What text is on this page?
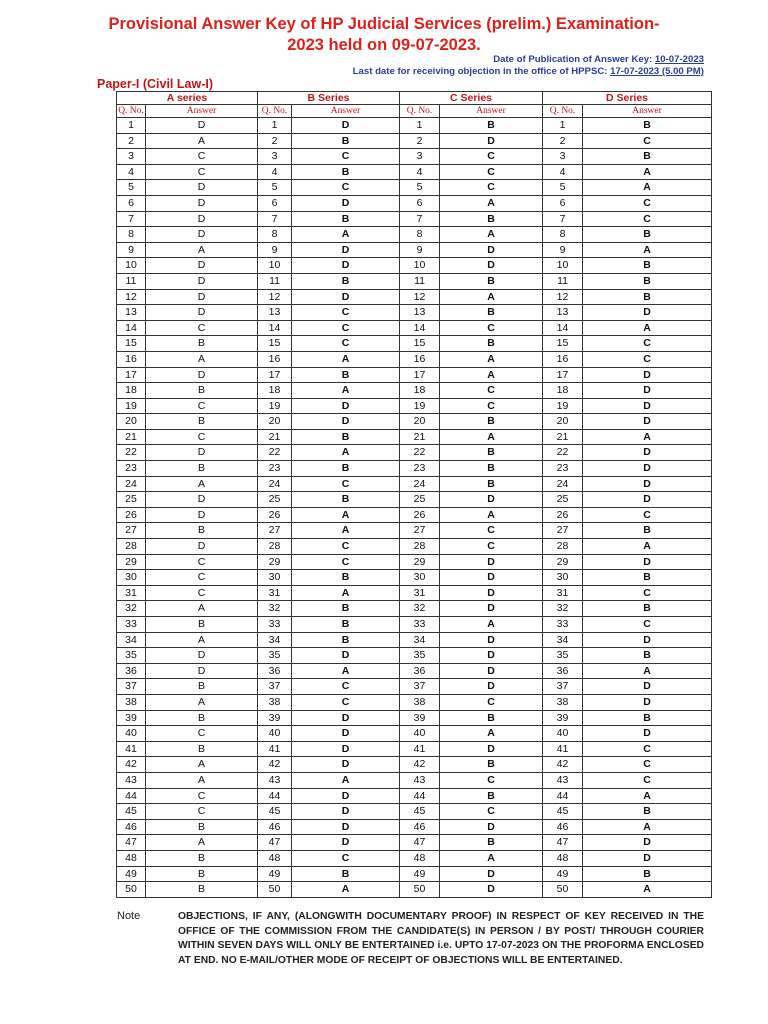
Provisional Answer Key of HP Judicial Services (prelim.) Examination-
2023 held on 09-07-2023.
Date of Publication of Answer Key: 10-07-2023
Last date for receiving objection in the office of HPPSC: 17-07-2023 (5.00 PM)
Paper-I (Civil Law-I)
A series		B Series		C Series		D Series	
Q. No.	Answer	Q. No.	Answer	Q. No.	Answer	Q. No.	Answer
1	D	1	D	1	B	1	B
2	A	2	B	2	D	2	C
3	C	3	C	3	C	3	B
4	C	4	B	4	C	4	A
5	D	5	C	5	C	5	A
6	D	6	D	6	A	6	C
7	D	7	B	7	B	7	C
8	D	8	A	8	A	8	B
9	A	9	D	9	D	9	A
10	D	10	D	10	D	10	B
11	D	11	B	11	B	11	B
12	D	12	D	12	A	12	B
13	D	13	C	13	B	13	D
14	C	14	C	14	C	14	A
15	B	15	C	15	B	15	C
16	A	16	A	16	A	16	C
17	D	17	B	17	A	17	D
18	B	18	A	18	C	18	D
19	C	19	D	19	C	19	D
20	B	20	D	20	B	20	D
21	C	21	B	21	A	21	A
22	D	22	A	22	B	22	D
23	B	23	B	23	B	23	D
24	A	24	C	24	B	24	D
25	D	25	B	25	D	25	D
26	D	26	A	26	A	26	C
27	B	27	A	27	C	27	B
28	D	28	C	28	C	28	A
29	C	29	C	29	D	29	D
30	C	30	B	30	D	30	B
31	C	31	A	31	D	31	C
32	A	32	B	32	D	32	B
33	B	33	B	33	A	33	C
34	A	34	B	34	D	34	D
35	D	35	D	35	D	35	B
36	D	36	A	36	D	36	A
37	B	37	C	37	D	37	D
38	A	38	C	38	C	38	D
39	B	39	D	39	B	39	B
40	C	40	D	40	A	40	D
41	B	41	D	41	D	41	C
42	A	42	D	42	B	42	C
43	A	43	A	43	C	43	C
44	C	44	D	44	B	44	A
45	C	45	D	45	C	45	B
46	B	46	D	46	D	46	A
47	A	47	D	47	B	47	D
48	B	48	C	48	A	48	D
49	B	49	B	49	D	49	B
50	B	50	A	50	D	50	A
Note	OBJECTIONS, IF ANY, (ALONGWITH DOCUMENTARY PROOF) IN RESPECT OF KEY RECEIVED IN THE OFFICE OF THE COMMISSION FROM THE CANDIDATE(S) IN PERSON / BY POST/ THROUGH COURIER WITHIN SEVEN DAYS WILL ONLY BE ENTERTAINED i.e. UPTO 17-07-2023 ON THE PROFORMA ENCLOSED AT END. NO E-MAIL/OTHER MODE OF RECEIPT OF OBJECTIONS WILL BE ENTERTAINED.
